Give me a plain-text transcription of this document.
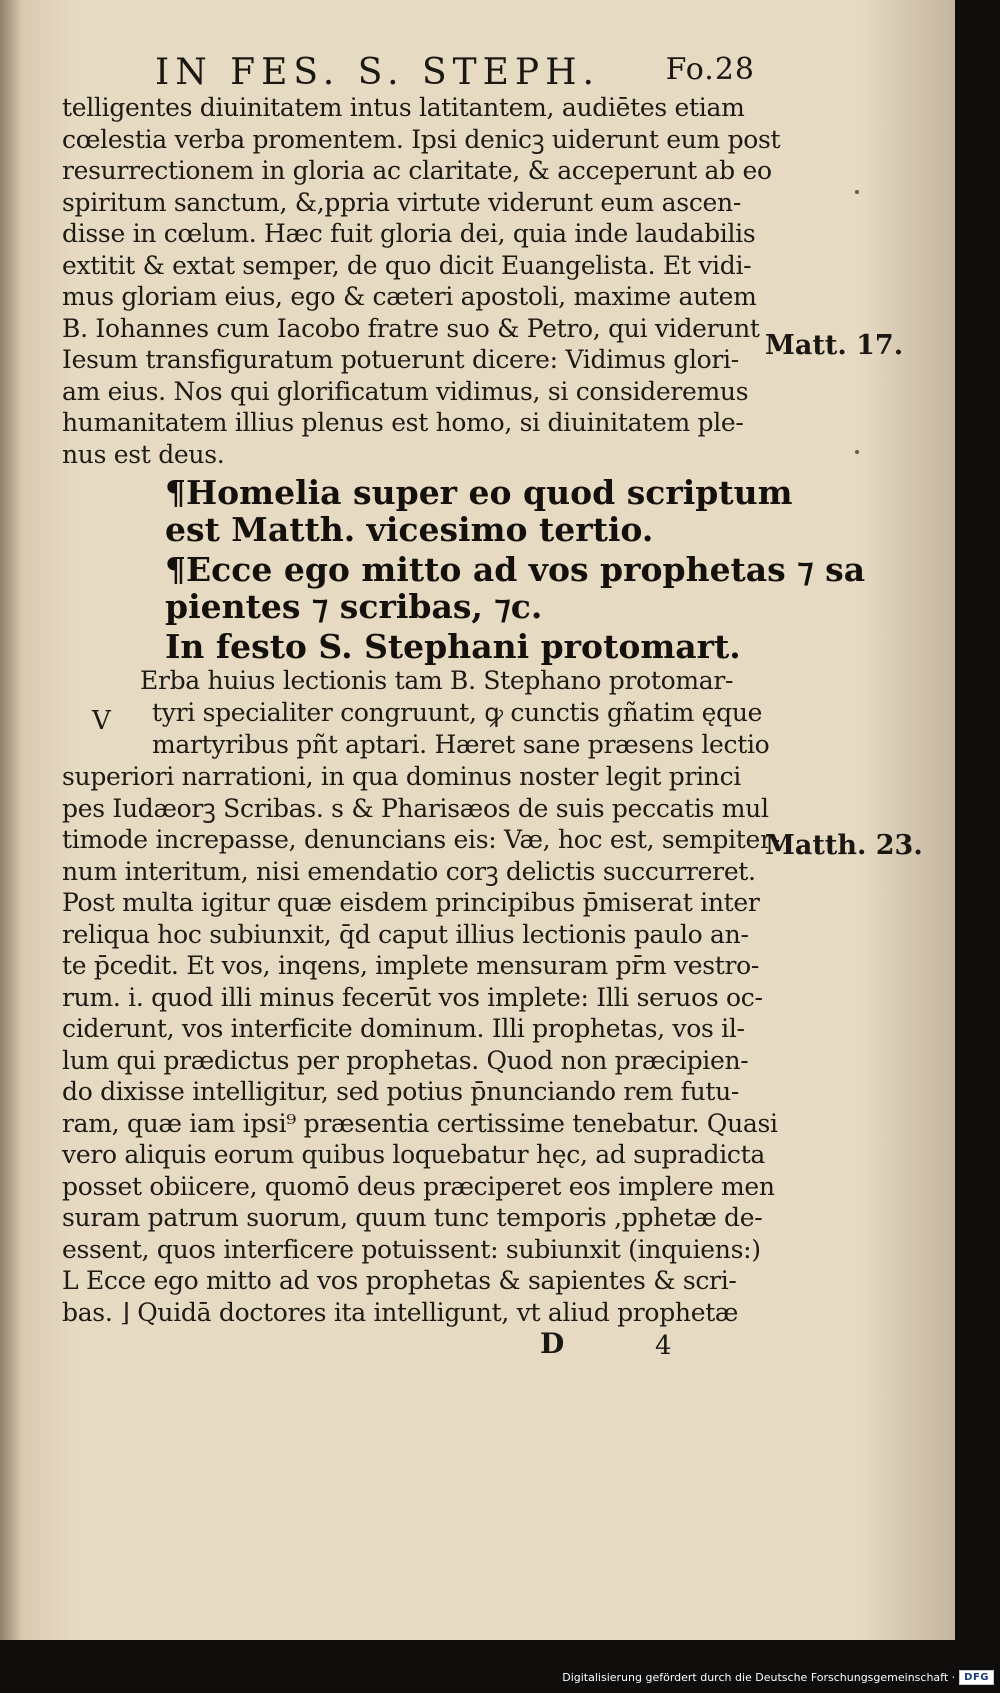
IN FES. S. STEPH. Fo.28
telligentes diuinitatem intus latitantem, audiētes etiam
cœlestia verba promentem. Ipsi denicꝫ uiderunt eum post
resurrectionem in gloria ac claritate, & acceperunt ab eo
spiritum sanctum, &,ppria virtute viderunt eum ascen-
disse in cœlum. Hæc fuit gloria dei, quia inde laudabilis
extitit & extat semper, de quo dicit Euangelista. Et vidi-
mus gloriam eius, ego & cæteri apostoli, maxime autem
B. Iohannes cum Iacobo fratre suo & Petro, qui viderunt
Iesum transfiguratum potuerunt dicere: Vidimus glori-
am eius. Nos qui glorificatum vidimus, si consideremus
humanitatem illius plenus est homo, si diuinitatem ple-
nus est deus.
¶Homelia super eo quod scriptum
est Matth. vicesimo tertio.
¶Ecce ego mitto ad vos prophetas ⁊ sa
pientes ⁊ scribas, ⁊c.
In festo S. Stephani protomart.
V
Erba huius lectionis tam B. Stephano protomar-
tyri specialiter congruunt, ꝙ cunctis gñatim ęque
martyribus pñt aptari. Hæret sane præsens lectio
superiori narrationi, in qua dominus noster legit princi
pes Iudæorꝫ Scribas. s & Pharisæos de suis peccatis mul
timode increpasse, denuncians eis: Væ, hoc est, sempiter-
num interitum, nisi emendatio corꝫ delictis succurreret.
Post multa igitur quæ eisdem principibus p̄miserat inter
reliqua hoc subiunxit, q̄d caput illius lectionis paulo an-
te p̄cedit. Et vos, inqens, implete mensuram pr̄m vestro-
rum. i. quod illi minus fecerūt vos implete: Illi seruos oc-
ciderunt, vos interficite dominum. Illi prophetas, vos il-
lum qui prædictus per prophetas. Quod non præcipien-
do dixisse intelligitur, sed potius p̄nunciando rem futu-
ram, quæ iam ipsi⁹ præsentia certissime tenebatur. Quasi
vero aliquis eorum quibus loquebatur hęc, ad supradicta
posset obiicere, quomō deus præciperet eos implere men
suram patrum suorum, quum tunc temporis ,pphetæ de-
essent, quos interficere potuissent: subiunxit (inquiens:)
L Ecce ego mitto ad vos prophetas & sapientes & scri-
bas. ⌋ Quidā doctores ita intelligunt, vt aliud prophetæ
Matt. 17.
Matth. 23.
D	4
Digitalisierung gefördert durch die Deutsche Forschungsgemeinschaft · DFG
